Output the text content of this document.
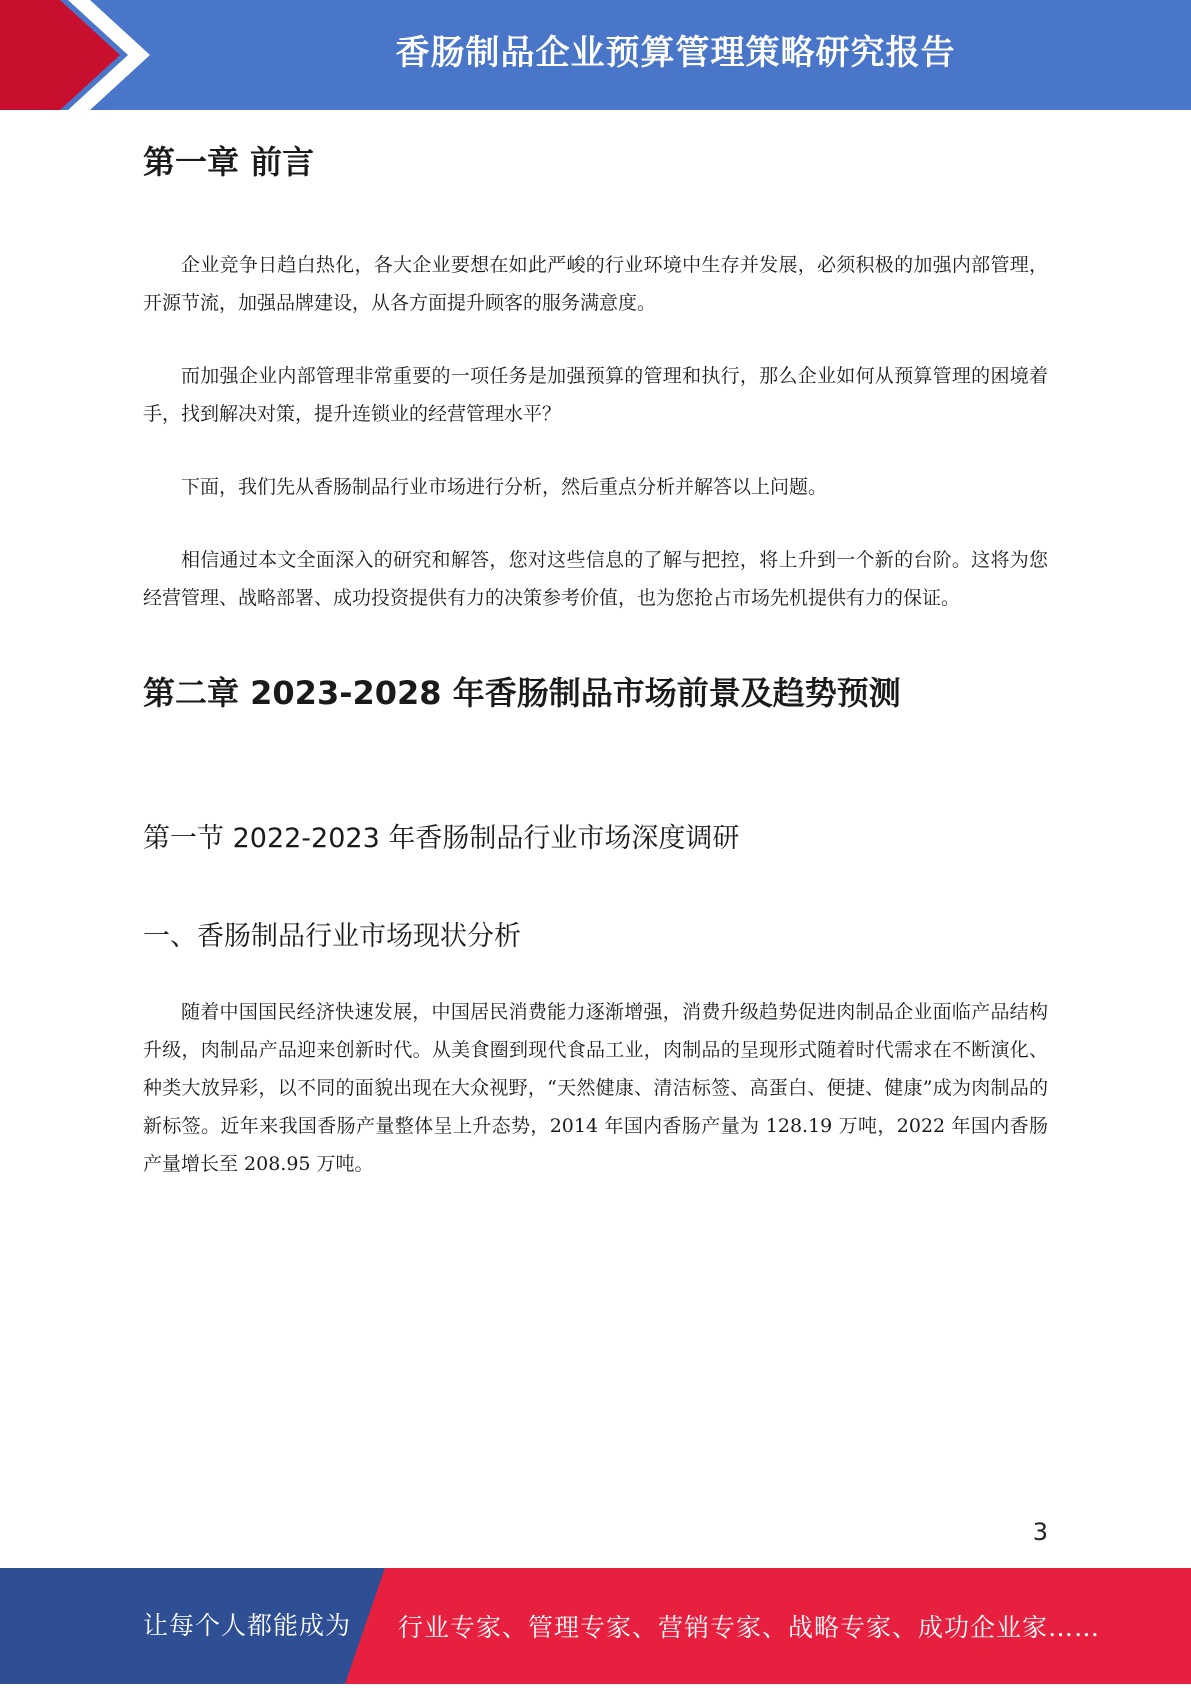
香肠制品企业预算管理策略研究报告
第一章 前言

企业竞争日趋白热化，各大企业要想在如此严峻的行业环境中生存并发展，必须积极的加强内部管理，开源节流，加强品牌建设，从各方面提升顾客的服务满意度。

而加强企业内部管理非常重要的一项任务是加强预算的管理和执行，那么企业如何从预算管理的困境着手，找到解决对策，提升连锁业的经营管理水平？

下面，我们先从香肠制品行业市场进行分析，然后重点分析并解答以上问题。

相信通过本文全面深入的研究和解答，您对这些信息的了解与把控，将上升到一个新的台阶。这将为您经营管理、战略部署、成功投资提供有力的决策参考价值，也为您抢占市场先机提供有力的保证。

第二章 2023-2028 年香肠制品市场前景及趋势预测
第一节 2022-2023 年香肠制品行业市场深度调研
一、香肠制品行业市场现状分析

随着中国国民经济快速发展，中国居民消费能力逐渐增强，消费升级趋势促进肉制品企业面临产品结构升级，肉制品产品迎来创新时代。从美食圈到现代食品工业，肉制品的呈现形式随着时代需求在不断演化、种类大放异彩，以不同的面貌出现在大众视野，“天然健康、清洁标签、高蛋白、便捷、健康”成为肉制品的新标签。近年来我国香肠产量整体呈上升态势，2014 年国内香肠产量为 128.19 万吨，2022 年国内香肠产量增长至 208.95 万吨。

3
让每个人都能成为 行业专家、管理专家、营销专家、战略专家、成功企业家……
